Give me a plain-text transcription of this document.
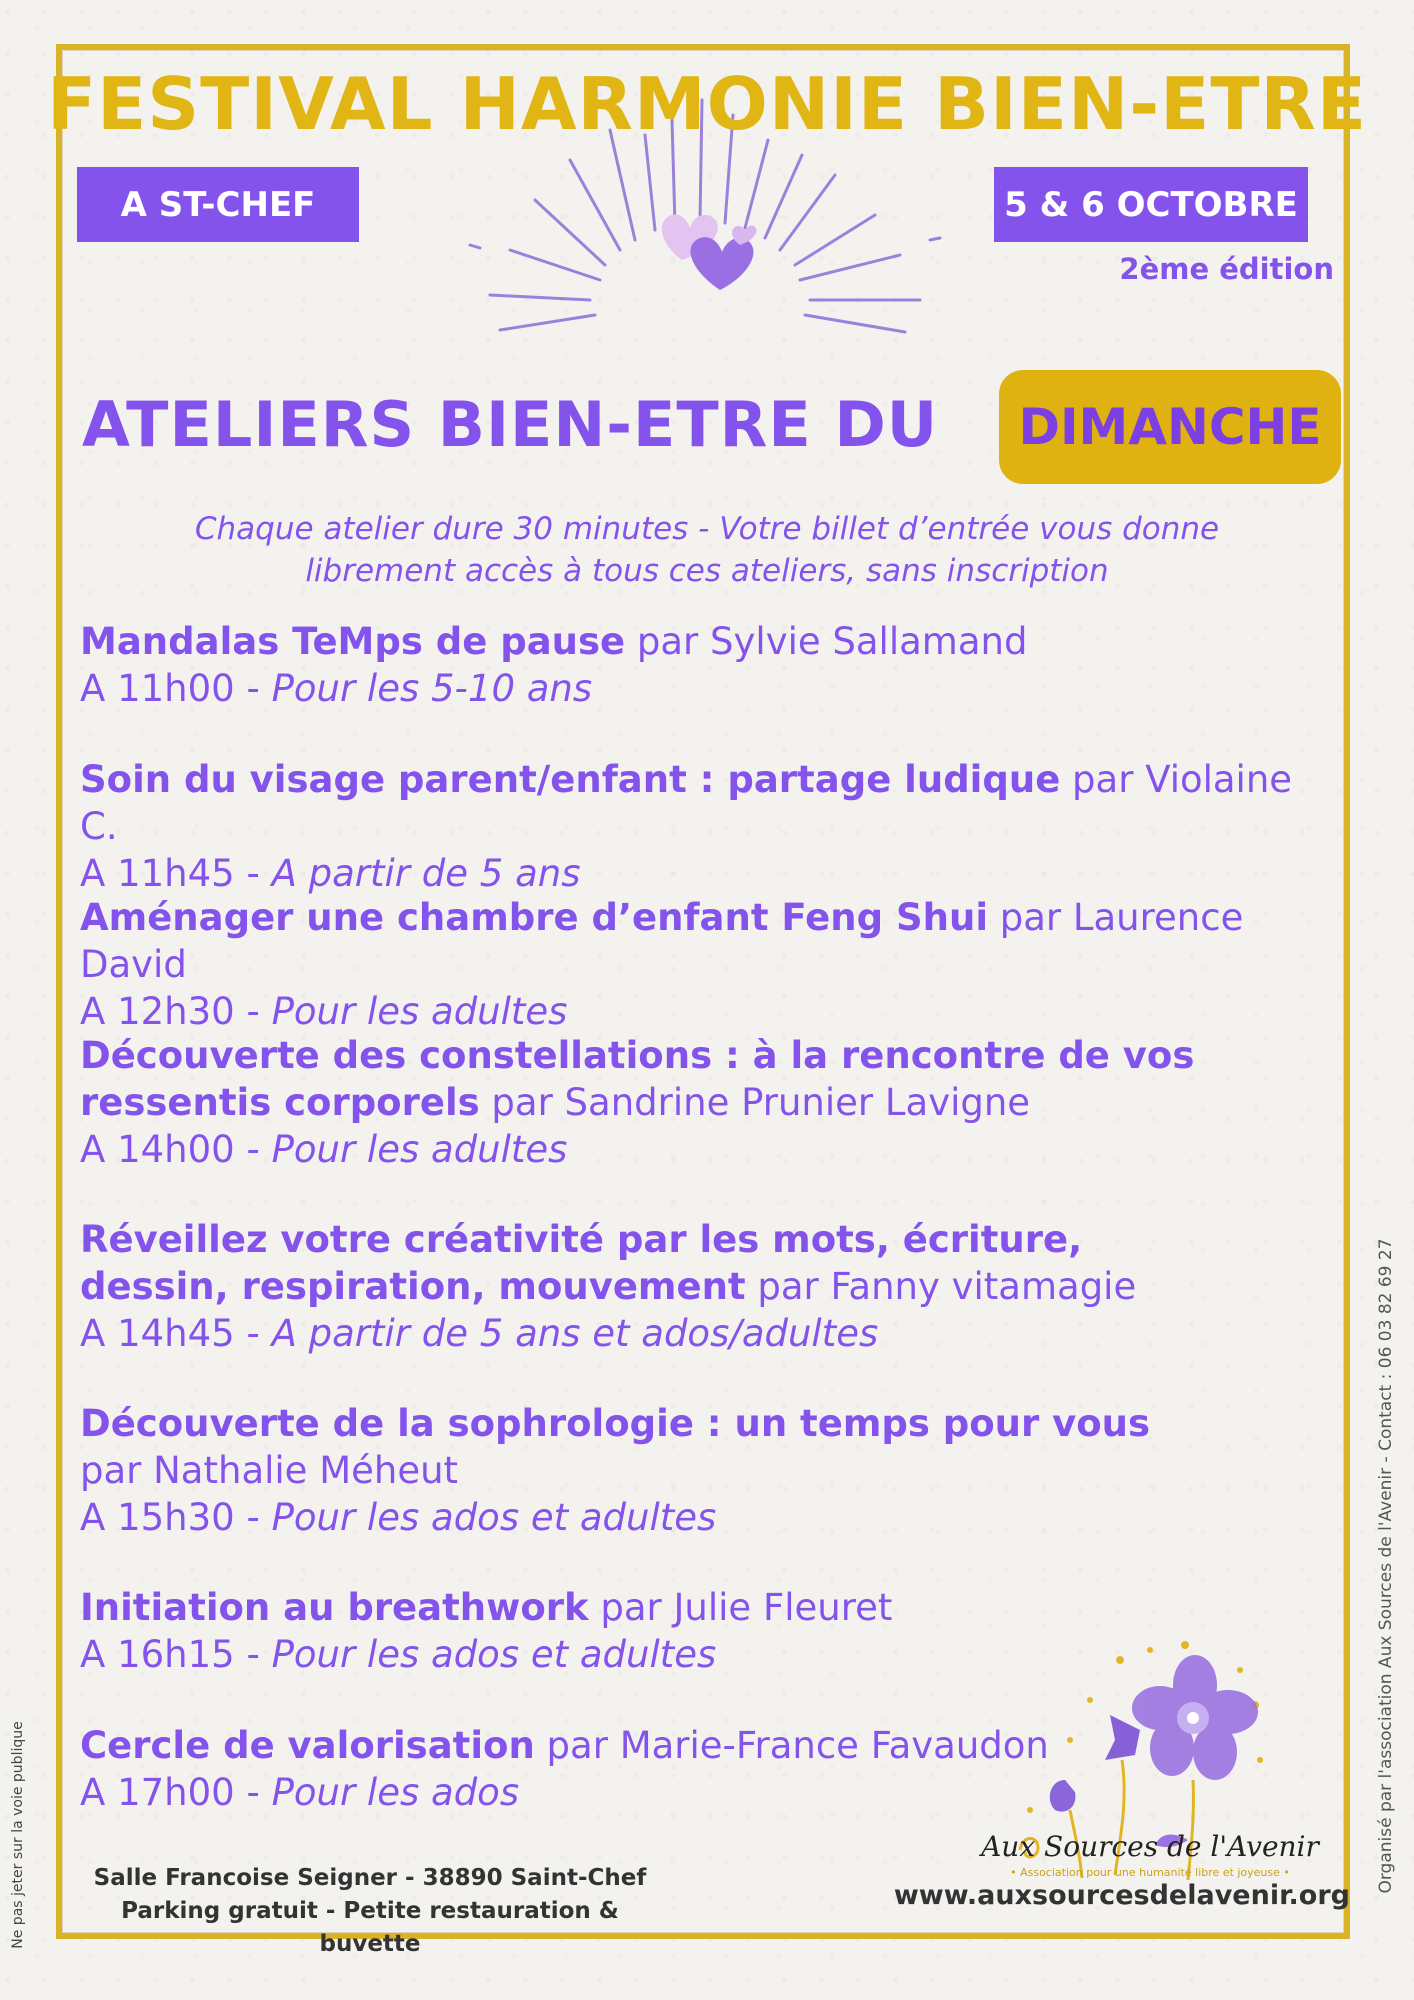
FESTIVAL HARMONIE BIEN-ETRE
A ST-CHEF	5 & 6 OCTOBRE

2ème édition

ATELIERS BIEN-ETRE DU	DIMANCHE

Chaque atelier dure 30 minutes - Votre billet d’entrée vous donne
librement accès à tous ces ateliers, sans inscription

Mandalas TeMps de pause par Sylvie Sallamand
A 11h00 - Pour les 5-10 ans
Soin du visage parent/enfant : partage ludique par Violaine C.
A 11h45 - A partir de 5 ans
Aménager une chambre d’enfant Feng Shui par Laurence David
A 12h30 - Pour les adultes
Découverte des constellations : à la rencontre de vos ressentis corporels par Sandrine Prunier Lavigne
A 14h00 - Pour les adultes
Réveillez votre créativité par les mots, écriture, dessin, respiration, mouvement par Fanny vitamagie
A 14h45 - A partir de 5 ans et ados/adultes
Découverte de la sophrologie : un temps pour vous
par Nathalie Méheut
A 15h30 - Pour les ados et adultes
Initiation au breathwork par Julie Fleuret
A 16h15 - Pour les ados et adultes
Cercle de valorisation par Marie-France Favaudon
A 17h00 - Pour les ados
Aux Sources de l'Avenir
• Association pour une humanité libre et joyeuse •
Salle Francoise Seigner - 38890 Saint-Chef
Parking gratuit - Petite restauration & buvette
www.auxsourcesdelavenir.org
Organisé par l'association Aux Sources de l'Avenir - Contact : 06 03 82 69 27
Ne pas jeter sur la voie publique
